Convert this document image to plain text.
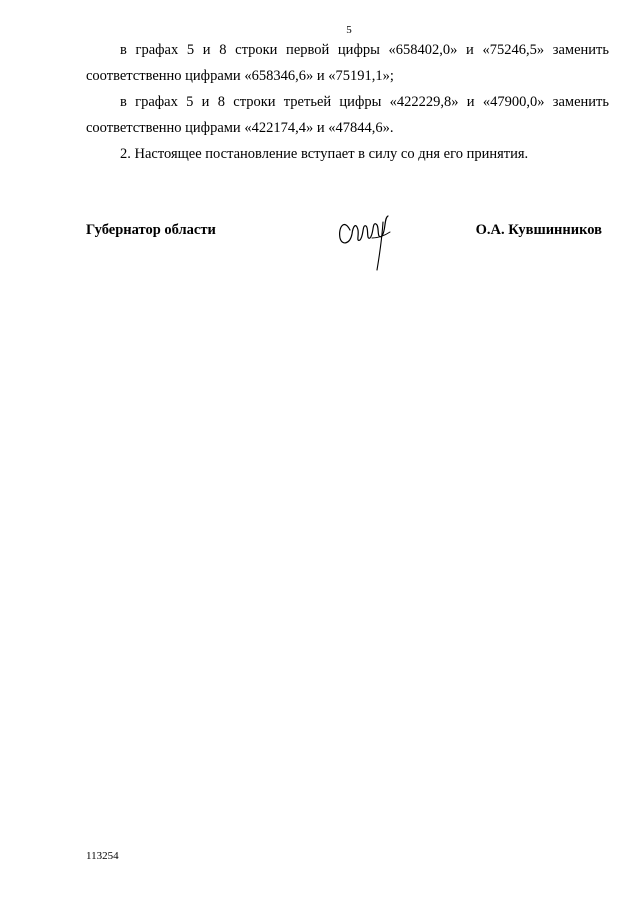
5

в графах 5 и 8 строки первой цифры «658402,0» и «75246,5» заменить соответственно цифрами «658346,6» и «75191,1»;

в графах 5 и 8 строки третьей цифры «422229,8» и «47900,0» заменить соответственно цифрами «422174,4» и «47844,6».

2. Настоящее постановление вступает в силу со дня его принятия.

Губернатор области	О.А. Кувшинников
113254
